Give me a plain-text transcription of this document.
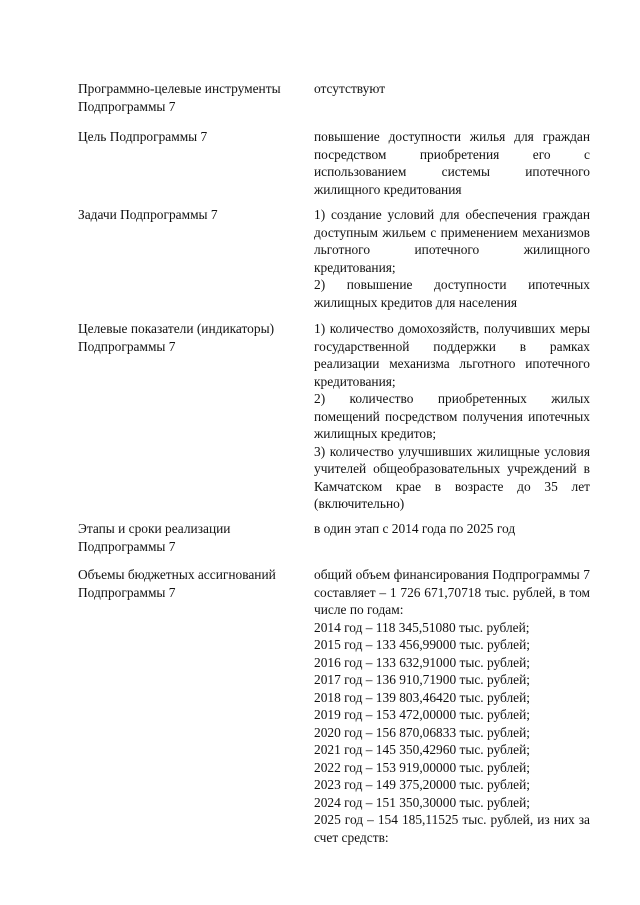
Программно-целевые инструменты Подпрограммы 7
отсутствуют
Цель Подпрограммы 7	повышение доступности жилья для граждан посредством приобретения его с использованием системы ипотечного жилищного кредитования
Задачи Подпрограммы 7	1) создание условий для обеспечения граждан доступным жильем с применением механизмов льготного ипотечного жилищного кредитования;
2) повышение доступности ипотечных жилищных кредитов для населения
Целевые показатели (индикаторы) Подпрограммы 7
1) количество домохозяйств, получивших меры государственной поддержки в рамках реализации механизма льготного ипотечного кредитования;
2) количество приобретенных жилых помещений посредством получения ипотечных жилищных кредитов;
3) количество улучшивших жилищные условия учителей общеобразовательных учреждений в Камчатском крае в возрасте до 35 лет (включительно)
Этапы и сроки реализации Подпрограммы 7
в один этап с 2014 года по 2025 год
Объемы бюджетных ассигнований Подпрограммы 7
общий объем финансирования Подпрограммы 7 составляет – 1 726 671,70718 тыс. рублей, в том числе по годам:
2014 год – 118 345,51080 тыс. рублей;
2015 год – 133 456,99000 тыс. рублей;
2016 год – 133 632,91000 тыс. рублей;
2017 год – 136 910,71900 тыс. рублей;
2018 год – 139 803,46420 тыс. рублей;
2019 год – 153 472,00000 тыс. рублей;
2020 год – 156 870,06833 тыс. рублей;
2021 год – 145 350,42960 тыс. рублей;
2022 год – 153 919,00000 тыс. рублей;
2023 год – 149 375,20000 тыс. рублей;
2024 год – 151 350,30000 тыс. рублей;
2025 год – 154 185,11525 тыс. рублей, из них за счет средств:
